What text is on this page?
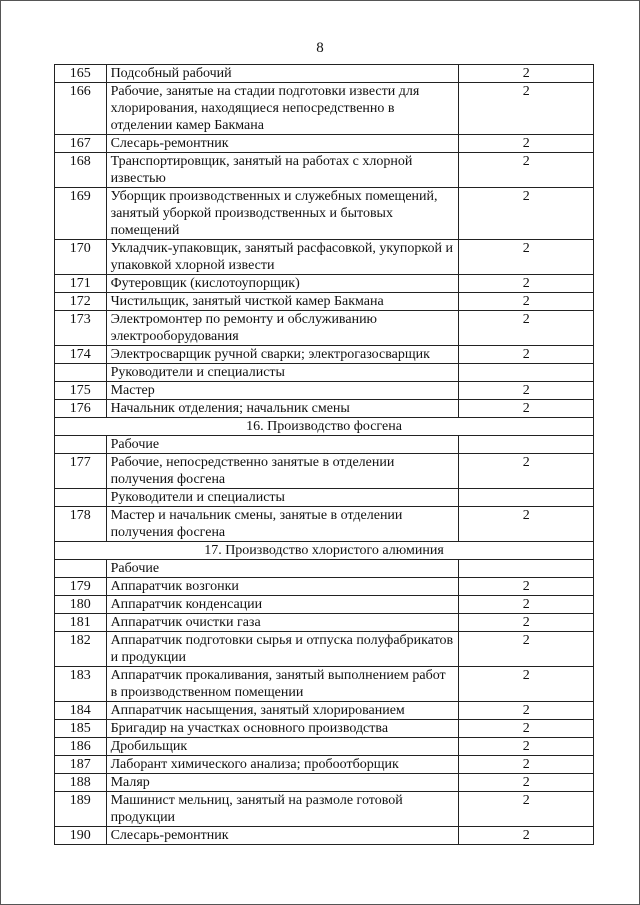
8
165	Подсобный рабочий	2
166	Рабочие, занятые на стадии подготовки извести для хлорирования, находящиеся непосредственно в отделении камер Бакмана	2
167	Слесарь-ремонтник	2
168	Транспортировщик, занятый на работах с хлорной известью	2
169	Уборщик производственных и служебных помещений, занятый уборкой производственных и бытовых помещений	2
170	Укладчик-упаковщик, занятый расфасовкой, укупоркой и упаковкой хлорной извести	2
171	Футеровщик (кислотоупорщик)	2
172	Чистильщик, занятый чисткой камер Бакмана	2
173	Электромонтер по ремонту и обслуживанию электрооборудования	2
174	Электросварщик ручной сварки; электрогазосварщик	2
	Руководители и специалисты	
175	Мастер	2
176	Начальник отделения; начальник смены	2
16. Производство фосгена		
	Рабочие	
177	Рабочие, непосредственно занятые в отделении получения фосгена	2
	Руководители и специалисты	
178	Мастер и начальник смены, занятые в отделении получения фосгена	2
17. Производство хлористого алюминия		
	Рабочие	
179	Аппаратчик возгонки	2
180	Аппаратчик конденсации	2
181	Аппаратчик очистки газа	2
182	Аппаратчик подготовки сырья и отпуска полуфабрикатов и продукции	2
183	Аппаратчик прокаливания, занятый выполнением работ в производственном помещении	2
184	Аппаратчик насыщения, занятый хлорированием	2
185	Бригадир на участках основного производства	2
186	Дробильщик	2
187	Лаборант химического анализа; пробоотборщик	2
188	Маляр	2
189	Машинист мельниц, занятый на размоле готовой продукции	2
190	Слесарь-ремонтник	2
